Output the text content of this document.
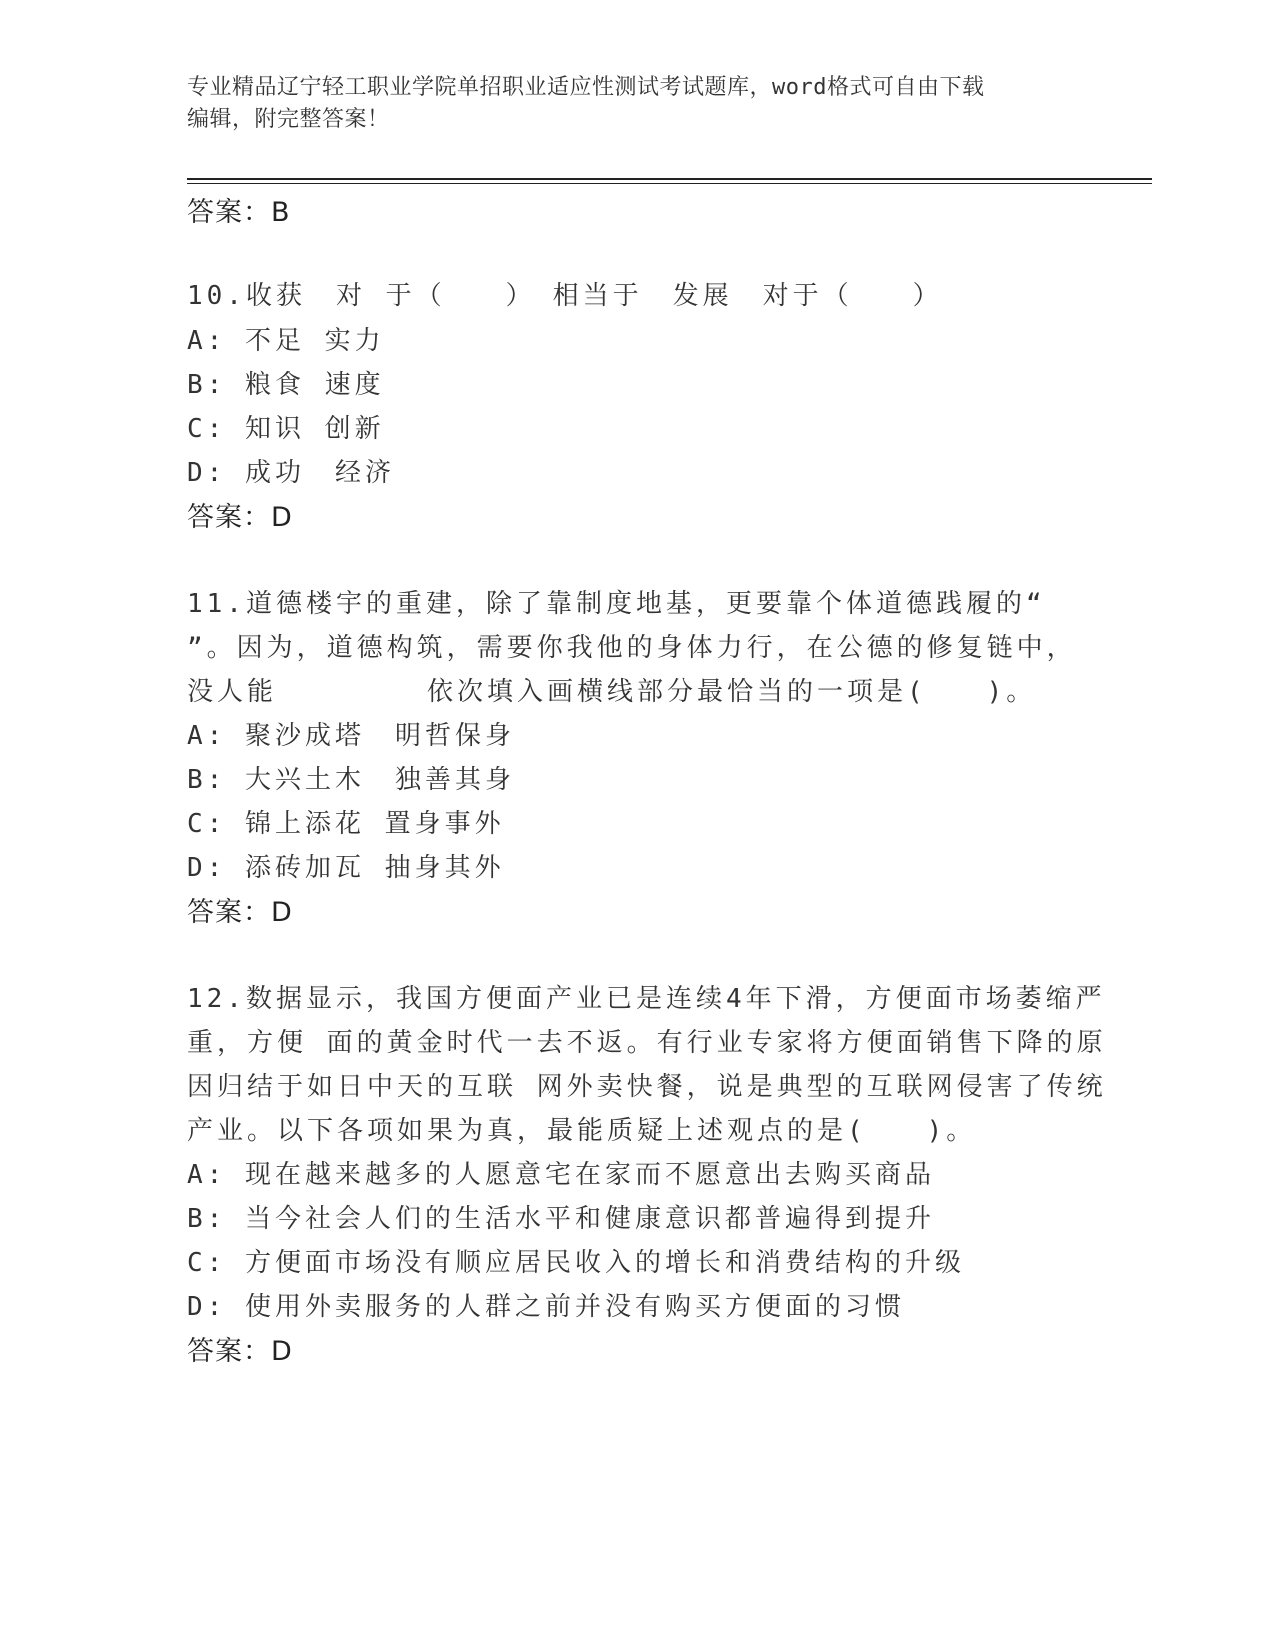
专业精品辽宁轻工职业学院单招职业适应性测试考试题库，word格式可自由下载
编辑，附完整答案！
答案：B
10.收获　对 于（　　）　相当于　发展　对于（　　）
A: 不足 实力
B: 粮食 速度
C: 知识 创新
D: 成功　经济
答案：D
11.道德楼宇的重建，除了靠制度地基，更要靠个体道德践履的“
”。因为，道德构筑，需要你我他的身体力行，在公德的修复链中，
没人能　　　　　依次填入画横线部分最恰当的一项是(　　)。
A: 聚沙成塔　明哲保身
B: 大兴土木　独善其身
C: 锦上添花 置身事外
D: 添砖加瓦 抽身其外
答案：D
12.数据显示，我国方便面产业已是连续4年下滑，方便面市场萎缩严
重，方便 面的黄金时代一去不返。有行业专家将方便面销售下降的原
因归结于如日中天的互联 网外卖快餐，说是典型的互联网侵害了传统
产业。以下各项如果为真，最能质疑上述观点的是(　　)。
A: 现在越来越多的人愿意宅在家而不愿意出去购买商品
B: 当今社会人们的生活水平和健康意识都普遍得到提升
C: 方便面市场没有顺应居民收入的增长和消费结构的升级
D: 使用外卖服务的人群之前并没有购买方便面的习惯
答案：D
